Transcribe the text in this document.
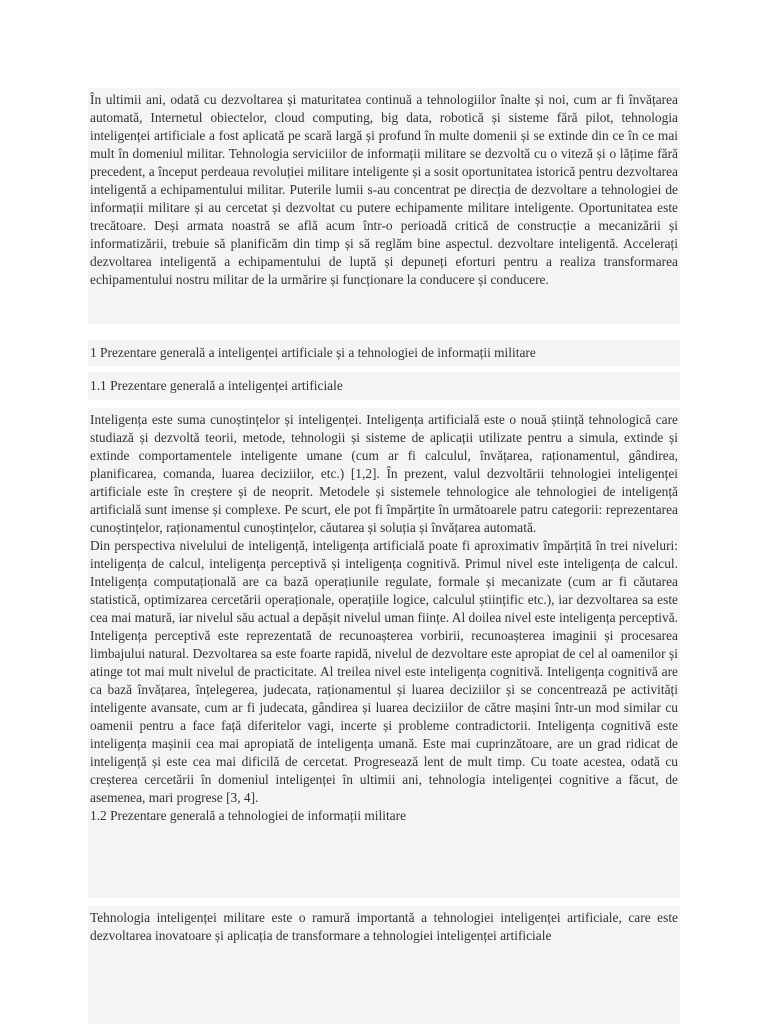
În ultimii ani, odată cu dezvoltarea și maturitatea continuă a tehnologiilor înalte și noi, cum ar fi învățarea automată, Internetul obiectelor, cloud computing, big data, robotică și sisteme fără pilot, tehnologia inteligenței artificiale a fost aplicată pe scară largă și profund în multe domenii și se extinde din ce în ce mai mult în domeniul militar. Tehnologia serviciilor de informații militare se dezvoltă cu o viteză și o lățime fără precedent, a început perdeaua revoluției militare inteligente și a sosit oportunitatea istorică pentru dezvoltarea inteligentă a echipamentului militar. Puterile lumii s-au concentrat pe direcția de dezvoltare a tehnologiei de informații militare și au cercetat și dezvoltat cu putere echipamente militare inteligente. Oportunitatea este trecătoare. Deși armata noastră se află acum într-o perioadă critică de construcție a mecanizării și informatizării, trebuie să planificăm din timp și să reglăm bine aspectul. dezvoltare inteligentă. Accelerați dezvoltarea inteligentă a echipamentului de luptă și depuneți eforturi pentru a realiza transformarea echipamentului nostru militar de la urmărire și funcționare la conducere și conducere.

1 Prezentare generală a inteligenței artificiale și a tehnologiei de informații militare

1.1 Prezentare generală a inteligenței artificiale

Inteligența este suma cunoștințelor și inteligenței. Inteligența artificială este o nouă știință tehnologică care studiază și dezvoltă teorii, metode, tehnologii și sisteme de aplicații utilizate pentru a simula, extinde și extinde comportamentele inteligente umane (cum ar fi calculul, învățarea, raționamentul, gândirea, planificarea, comanda, luarea deciziilor, etc.) [1,2]. În prezent, valul dezvoltării tehnologiei inteligenței artificiale este în creștere și de neoprit. Metodele și sistemele tehnologice ale tehnologiei de inteligență artificială sunt imense și complexe. Pe scurt, ele pot fi împărțite în următoarele patru categorii: reprezentarea cunoștințelor, raționamentul cunoștințelor, căutarea și soluția și învățarea automată.

Din perspectiva nivelului de inteligență, inteligența artificială poate fi aproximativ împărțită în trei niveluri: inteligența de calcul, inteligența perceptivă și inteligența cognitivă. Primul nivel este inteligența de calcul. Inteligența computațională are ca bază operațiunile regulate, formale și mecanizate (cum ar fi căutarea statistică, optimizarea cercetării operaționale, operațiile logice, calculul științific etc.), iar dezvoltarea sa este cea mai matură, iar nivelul său actual a depășit nivelul uman ființe. Al doilea nivel este inteligența perceptivă. Inteligența perceptivă este reprezentată de recunoașterea vorbirii, recunoașterea imaginii și procesarea limbajului natural. Dezvoltarea sa este foarte rapidă, nivelul de dezvoltare este apropiat de cel al oamenilor și atinge tot mai mult nivelul de practicitate. Al treilea nivel este inteligența cognitivă. Inteligența cognitivă are ca bază învățarea, înțelegerea, judecata, raționamentul și luarea deciziilor și se concentrează pe activități inteligente avansate, cum ar fi judecata, gândirea și luarea deciziilor de către mașini într-un mod similar cu oamenii pentru a face față diferitelor vagi, incerte și probleme contradictorii. Inteligența cognitivă este inteligența mașinii cea mai apropiată de inteligența umană. Este mai cuprinzătoare, are un grad ridicat de inteligență și este cea mai dificilă de cercetat. Progresează lent de mult timp. Cu toate acestea, odată cu creșterea cercetării în domeniul inteligenței în ultimii ani, tehnologia inteligenței cognitive a făcut, de asemenea, mari progrese [3, 4].

1.2 Prezentare generală a tehnologiei de informații militare

Tehnologia inteligenței militare este o ramură importantă a tehnologiei inteligenței artificiale, care este dezvoltarea inovatoare și aplicația de transformare a tehnologiei inteligenței artificiale
